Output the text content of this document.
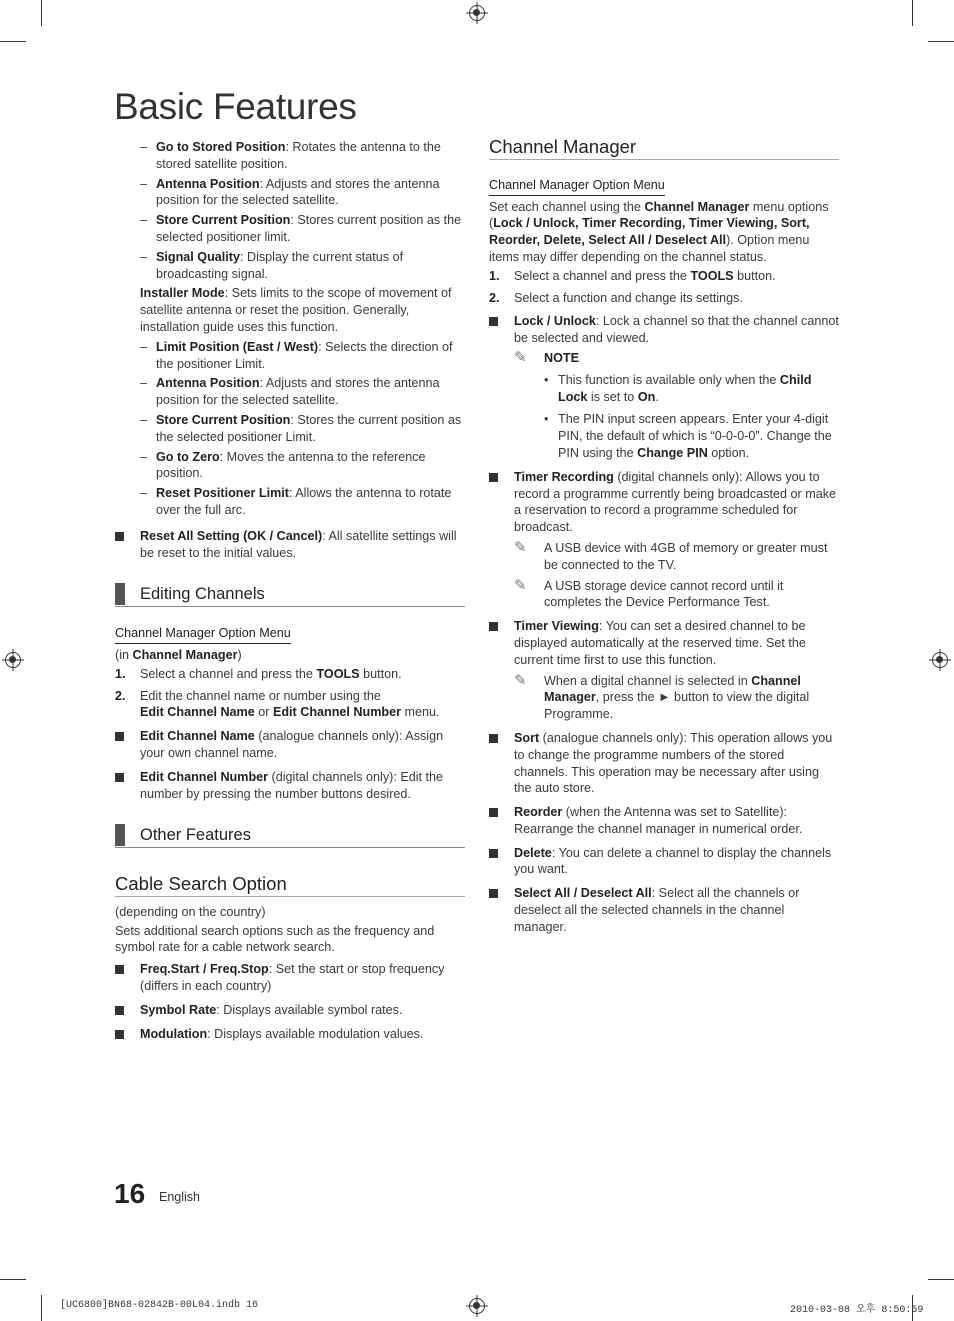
Basic Features

– Go to Stored Position: Rotates the antenna to the stored satellite position.

– Antenna Position: Adjusts and stores the antenna position for the selected satellite.

– Store Current Position: Stores current position as the selected positioner limit.

– Signal Quality: Display the current status of broadcasting signal.

Installer Mode: Sets limits to the scope of movement of satellite antenna or reset the position. Generally, installation guide uses this function.

– Limit Position (East / West): Selects the direction of the positioner Limit.

– Antenna Position: Adjusts and stores the antenna position for the selected satellite.

– Store Current Position: Stores the current position as the selected positioner Limit.

– Go to Zero: Moves the antenna to the reference position.

– Reset Positioner Limit: Allows the antenna to rotate over the full arc.

Reset All Setting (OK / Cancel): All satellite settings will be reset to the initial values.

Editing Channels

Channel Manager Option Menu

(in Channel Manager)

1. Select a channel and press the TOOLS button.

2. Edit the channel name or number using the
Edit Channel Name or Edit Channel Number menu.

Edit Channel Name (analogue channels only): Assign your own channel name.

Edit Channel Number (digital channels only): Edit the number by pressing the number buttons desired.

Other Features
Cable Search Option

(depending on the country)

Sets additional search options such as the frequency and symbol rate for a cable network search.

Freq.Start / Freq.Stop: Set the start or stop frequency (differs in each country)

Symbol Rate: Displays available symbol rates.

Modulation: Displays available modulation values.

Channel Manager

Channel Manager Option Menu

Set each channel using the Channel Manager menu options (Lock / Unlock, Timer Recording, Timer Viewing, Sort, Reorder, Delete, Select All / Deselect All). Option menu items may differ depending on the channel status.

1. Select a channel and press the TOOLS button.

2. Select a function and change its settings.

Lock / Unlock: Lock a channel so that the channel cannot be selected and viewed.

✎ NOTE

• This function is available only when the Child Lock is set to On.

• The PIN input screen appears. Enter your 4-digit PIN, the default of which is “0-0-0-0”. Change the PIN using the Change PIN option.

Timer Recording (digital channels only): Allows you to record a programme currently being broadcasted or make a reservation to record a programme scheduled for broadcast.

✎ A USB device with 4GB of memory or greater must be connected to the TV.

✎ A USB storage device cannot record until it completes the Device Performance Test.

Timer Viewing: You can set a desired channel to be displayed automatically at the reserved time. Set the current time first to use this function.

✎ When a digital channel is selected in Channel Manager, press the ► button to view the digital Programme.

Sort (analogue channels only): This operation allows you to change the programme numbers of the stored channels. This operation may be necessary after using the auto store.

Reorder (when the Antenna was set to Satellite): Rearrange the channel manager in numerical order.

Delete: You can delete a channel to display the channels you want.

Select All / Deselect All: Select all the channels or deselect all the selected channels in the channel manager.

16 English
[UC6800]BN68-02842B-00L04.indb 16	2010-03-08 오후 8:50:59
